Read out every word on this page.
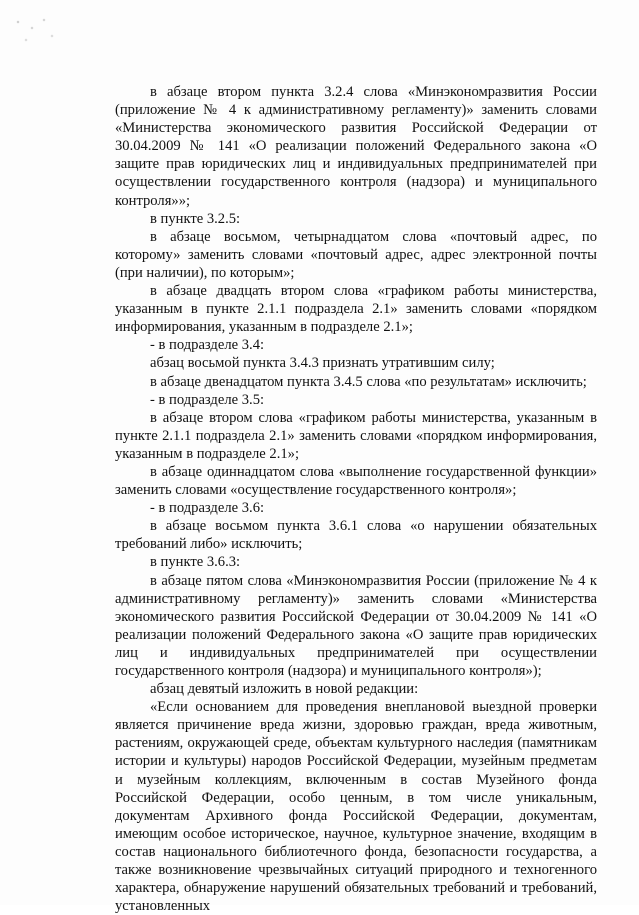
в абзаце втором пункта 3.2.4 слова «Минэкономразвития России (приложение № 4 к административному регламенту)» заменить словами «Министерства экономического развития Российской Федерации от 30.04.2009 № 141 «О реализации положений Федерального закона «О защите прав юридических лиц и индивидуальных предпринимателей при осуществлении государственного контроля (надзора) и муниципального контроля»»;

в пункте 3.2.5:

в абзаце восьмом, четырнадцатом слова «почтовый адрес, по которому» заменить словами «почтовый адрес, адрес электронной почты (при наличии), по которым»;

в абзаце двадцать втором слова «графиком работы министерства, указанным в пункте 2.1.1 подраздела 2.1» заменить словами «порядком информирования, указанным в подразделе 2.1»;

- в подразделе 3.4:

абзац восьмой пункта 3.4.3 признать утратившим силу;

в абзаце двенадцатом пункта 3.4.5 слова «по результатам» исключить;

- в подразделе 3.5:

в абзаце втором слова «графиком работы министерства, указанным в пункте 2.1.1 подраздела 2.1» заменить словами «порядком информирования, указанным в подразделе 2.1»;

в абзаце одиннадцатом слова «выполнение государственной функции» заменить словами «осуществление государственного контроля»;

- в подразделе 3.6:

в абзаце восьмом пункта 3.6.1 слова «о нарушении обязательных требований либо» исключить;

в пункте 3.6.3:

в абзаце пятом слова «Минэкономразвития России (приложение № 4 к административному регламенту)» заменить словами «Министерства экономического развития Российской Федерации от 30.04.2009 № 141 «О реализации положений Федерального закона «О защите прав юридических лиц и индивидуальных предпринимателей при осуществлении государственного контроля (надзора) и муниципального контроля»);

абзац девятый изложить в новой редакции:

«Если основанием для проведения внеплановой выездной проверки является причинение вреда жизни, здоровью граждан, вреда животным, растениям, окружающей среде, объектам культурного наследия (памятникам истории и культуры) народов Российской Федерации, музейным предметам и музейным коллекциям, включенным в состав Музейного фонда Российской Федерации, особо ценным, в том числе уникальным, документам Архивного фонда Российской Федерации, документам, имеющим особое историческое, научное, культурное значение, входящим в состав национального библиотечного фонда, безопасности государства, а также возникновение чрезвычайных ситуаций природного и техногенного характера, обнаружение нарушений обязательных требований и требований, установленных
